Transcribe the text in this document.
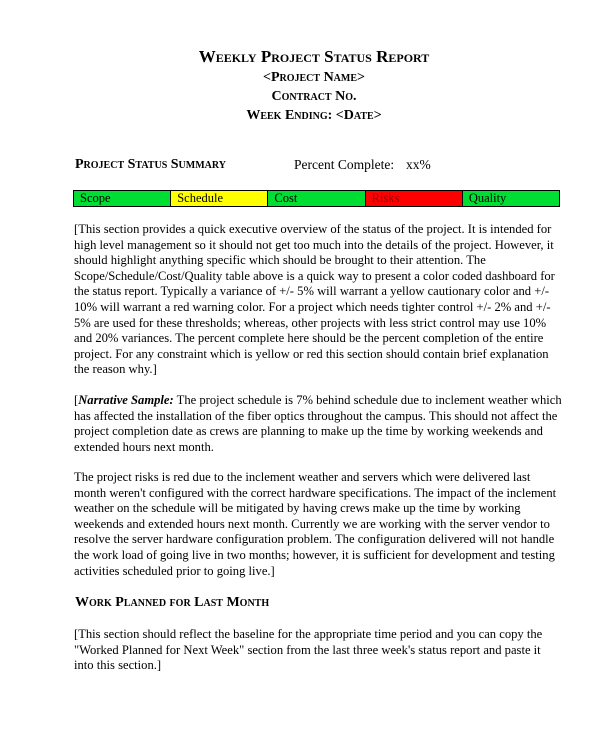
Weekly Project Status Report
<Project Name>
Contract No.
Week Ending: <Date>
Project Status Summary	Percent Complete: xx%
Scope	Schedule	Cost	Risks	Quality
[This section provides a quick executive overview of the status of the project. It is intended for
high level management so it should not get too much into the details of the project. However, it
should highlight anything specific which should be brought to their attention. The
Scope/Schedule/Cost/Quality table above is a quick way to present a color coded dashboard for
the status report. Typically a variance of +/- 5% will warrant a yellow cautionary color and +/-
10% will warrant a red warning color. For a project which needs tighter control +/- 2% and +/-
5% are used for these thresholds; whereas, other projects with less strict control may use 10%
and 20% variances. The percent complete here should be the percent completion of the entire
project. For any constraint which is yellow or red this section should contain brief explanation
the reason why.]
[Narrative Sample: The project schedule is 7% behind schedule due to inclement weather which
has affected the installation of the fiber optics throughout the campus. This should not affect the
project completion date as crews are planning to make up the time by working weekends and
extended hours next month.
The project risks is red due to the inclement weather and servers which were delivered last
month weren't configured with the correct hardware specifications. The impact of the inclement
weather on the schedule will be mitigated by having crews make up the time by working
weekends and extended hours next month. Currently we are working with the server vendor to
resolve the server hardware configuration problem. The configuration delivered will not handle
the work load of going live in two months; however, it is sufficient for development and testing
activities scheduled prior to going live.]
Work Planned for Last Month
[This section should reflect the baseline for the appropriate time period and you can copy the
"Worked Planned for Next Week" section from the last three week's status report and paste it
into this section.]
